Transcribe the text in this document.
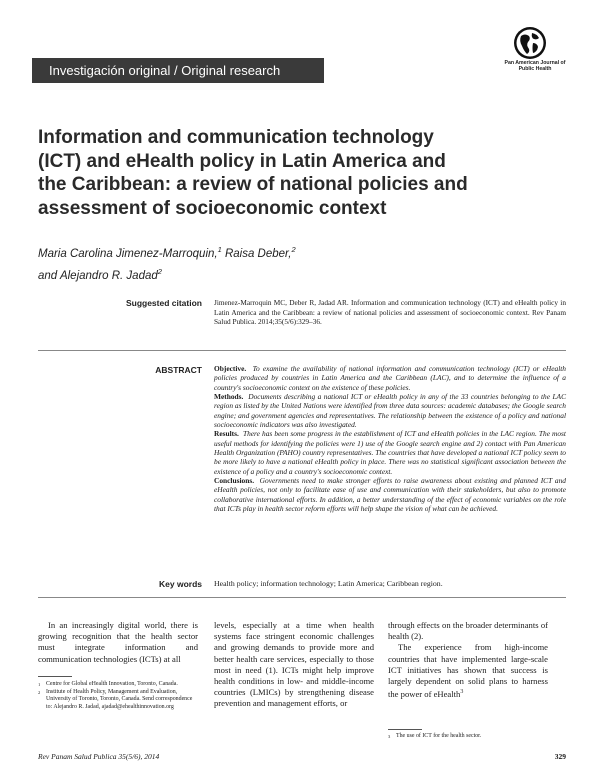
Investigación original / Original research	Pan American Journal of Public Health
Information and communication technology (ICT) and eHealth policy in Latin America and the Caribbean: a review of national policies and assessment of socioeconomic context
Maria Carolina Jimenez-Marroquin,$^1$ Raisa Deber,$^2$
and Alejandro R. Jadad$^2$
Suggested citation Jimenez-Marroquin MC, Deber R, Jadad AR. Information and communication technology (ICT) and eHealth policy in Latin America and the Caribbean: a review of national policies and assessment of socioeconomic context. Rev Panam Salud Publica. 2014;35(5/6):329–36.
ABSTRACT Objective. To examine the availability of national information and communication technology (ICT) or eHealth policies produced by countries in Latin America and the Caribbean (LAC), and to determine the influence of a country's socioeconomic context on the existence of these policies.

Methods. Documents describing a national ICT or eHealth policy in any of the 33 countries belonging to the LAC region as listed by the United Nations were identified from three data sources: academic databases; the Google search engine; and government agencies and representatives. The relationship between the existence of a policy and national socioeconomic indicators was also investigated.

Results. There has been some progress in the establishment of ICT and eHealth policies in the LAC region. The most useful methods for identifying the policies were 1) use of the Google search engine and 2) contact with Pan American Health Organization (PAHO) country representatives. The countries that have developed a national ICT policy seem to be more likely to have a national eHealth policy in place. There was no statistical significant association between the existence of a policy and a country's socioeconomic context.

Conclusions. Governments need to make stronger efforts to raise awareness about existing and planned ICT and eHealth policies, not only to facilitate ease of use and communication with their stakeholders, but also to promote collaborative international efforts. In addition, a better understanding of the effect of economic variables on the role that ICTs play in health sector reform efforts will help shape the vision of what can be achieved.

Key words Health policy; information technology; Latin America; Caribbean region.

In an increasingly digital world, there is growing recognition that the health sector must integrate information and communication technologies (ICTs) at all

levels, especially at a time when health systems face stringent economic challenges and growing demands to provide more and better health care services, especially to those most in need (1). ICTs might help improve health conditions in low- and middle-income countries (LMICs) by strengthening disease prevention and management efforts, or

through effects on the broader determinants of health (2).

The experience from high-income countries that have implemented large-scale ICT initiatives has shown that success is largely dependent on solid plans to harness the power of eHealth$^3$

1 Centre for Global eHealth Innovation, Toronto, Canada.
2 Institute of Health Policy, Management and Evaluation, University of Toronto, Toronto, Canada. Send correspondence to: Alejandro R. Jadad, ajadad@ehealthinnovation.org
3 The use of ICT for the health sector.
Rev Panam Salud Publica 35(5/6), 2014	329
